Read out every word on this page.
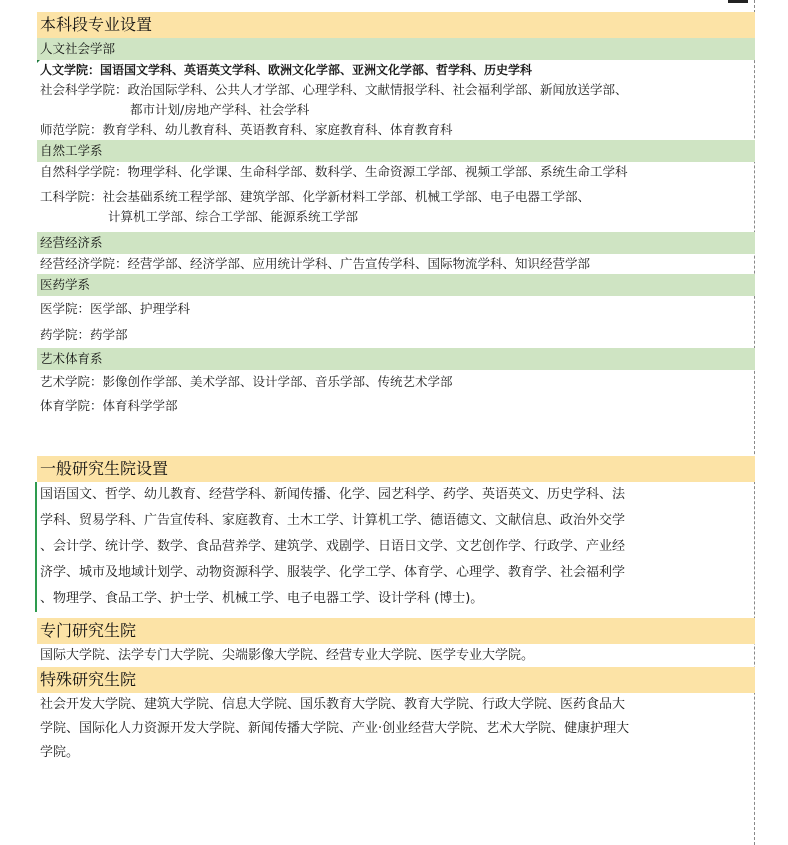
本科段专业设置
人文社会学部
人文学院：国语国文学科、英语英文学科、欧洲文化学部、亚洲文化学部、哲学科、历史学科
社会科学学院：政治国际学科、公共人才学部、心理学科、文献情报学科、社会福利学部、新闻放送学部、
都市计划/房地产学科、社会学科
师范学院：教育学科、幼儿教育科、英语教育科、家庭教育科、体育教育科
自然工学系
自然科学学院：物理学科、化学课、生命科学部、数科学、生命资源工学部、视频工学部、系统生命工学科
工科学院：社会基础系统工程学部、建筑学部、化学新材料工学部、机械工学部、电子电器工学部、
计算机工学部、综合工学部、能源系统工学部
经营经济系
经营经济学院：经营学部、经济学部、应用统计学科、广告宣传学科、国际物流学科、知识经营学部
医药学系
医学院：医学部、护理学科
药学院：药学部
艺术体育系
艺术学院：影像创作学部、美术学部、设计学部、音乐学部、传统艺术学部
体育学院：体育科学学部
一般研究生院设置
国语国文、哲学、幼儿教育、经营学科、新闻传播、化学、园艺科学、药学、英语英文、历史学科、法
学科、贸易学科、广告宣传科、家庭教育、土木工学、计算机工学、德语德文、文献信息、政治外交学
、会计学、统计学、数学、食品营养学、建筑学、戏剧学、日语日文学、文艺创作学、行政学、产业经
济学、城市及地域计划学、动物资源科学、服装学、化学工学、体育学、心理学、教育学、社会福利学
、物理学、食品工学、护士学、机械工学、电子电器工学、设计学科 (博士)。
专门研究生院
国际大学院、法学专门大学院、尖端影像大学院、经营专业大学院、医学专业大学院。
特殊研究生院
社会开发大学院、建筑大学院、信息大学院、国乐教育大学院、教育大学院、行政大学院、医药食品大
学院、国际化人力资源开发大学院、新闻传播大学院、产业·创业经营大学院、艺术大学院、健康护理大
学院。
